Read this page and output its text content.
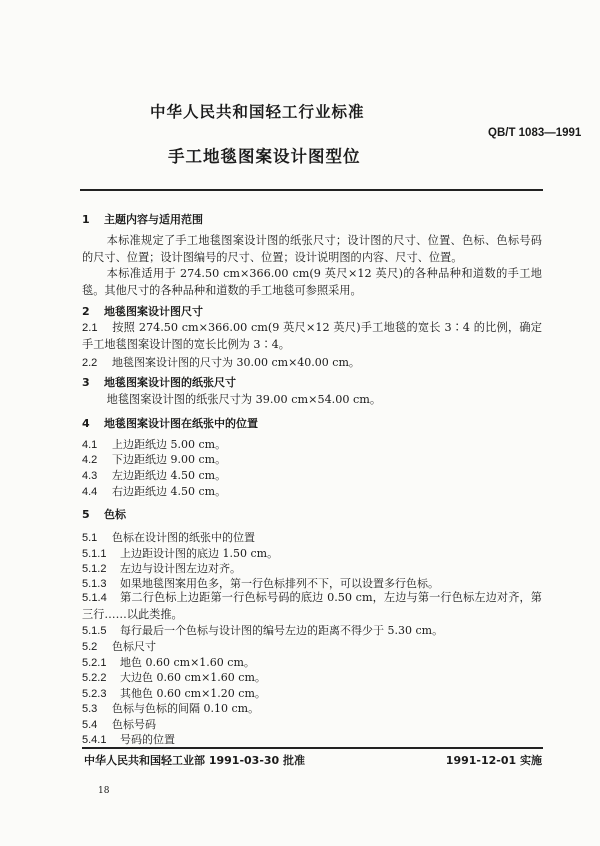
中华人民共和国轻工行业标准
QB/T 1083—1991
手工地毯图案设计图型位
1 主题内容与适用范围
本标准规定了手工地毯图案设计图的纸张尺寸；设计图的尺寸、位置、色标、色标号码的尺寸、位置；设计图编号的尺寸、位置；设计说明图的内容、尺寸、位置。
本标准适用于 274.50 cm×366.00 cm(9 英尺×12 英尺)的各种品种和道数的手工地毯。其他尺寸的各种品种和道数的手工地毯可参照采用。
2 地毯图案设计图尺寸
2.1 按照 274.50 cm×366.00 cm(9 英尺×12 英尺)手工地毯的宽长 3∶4 的比例，确定手工地毯图案设计图的宽长比例为 3∶4。
2.2 地毯图案设计图的尺寸为 30.00 cm×40.00 cm。
3 地毯图案设计图的纸张尺寸
地毯图案设计图的纸张尺寸为 39.00 cm×54.00 cm。
4 地毯图案设计图在纸张中的位置
4.1 上边距纸边 5.00 cm。
4.2 下边距纸边 9.00 cm。
4.3 左边距纸边 4.50 cm。
4.4 右边距纸边 4.50 cm。
5 色标
5.1 色标在设计图的纸张中的位置
5.1.1 上边距设计图的底边 1.50 cm。
5.1.2 左边与设计图左边对齐。
5.1.3 如果地毯图案用色多，第一行色标排列不下，可以设置多行色标。
5.1.4 第二行色标上边距第一行色标号码的底边 0.50 cm，左边与第一行色标左边对齐，第三行……以此类推。
5.1.5 每行最后一个色标与设计图的编号左边的距离不得少于 5.30 cm。
5.2 色标尺寸
5.2.1 地色 0.60 cm×1.60 cm。
5.2.2 大边色 0.60 cm×1.60 cm。
5.2.3 其他色 0.60 cm×1.20 cm。
5.3 色标与色标的间隔 0.10 cm。
5.4 色标号码
5.4.1 号码的位置
中华人民共和国轻工业部 1991-03-30 批准	1991-12-01 实施
18
